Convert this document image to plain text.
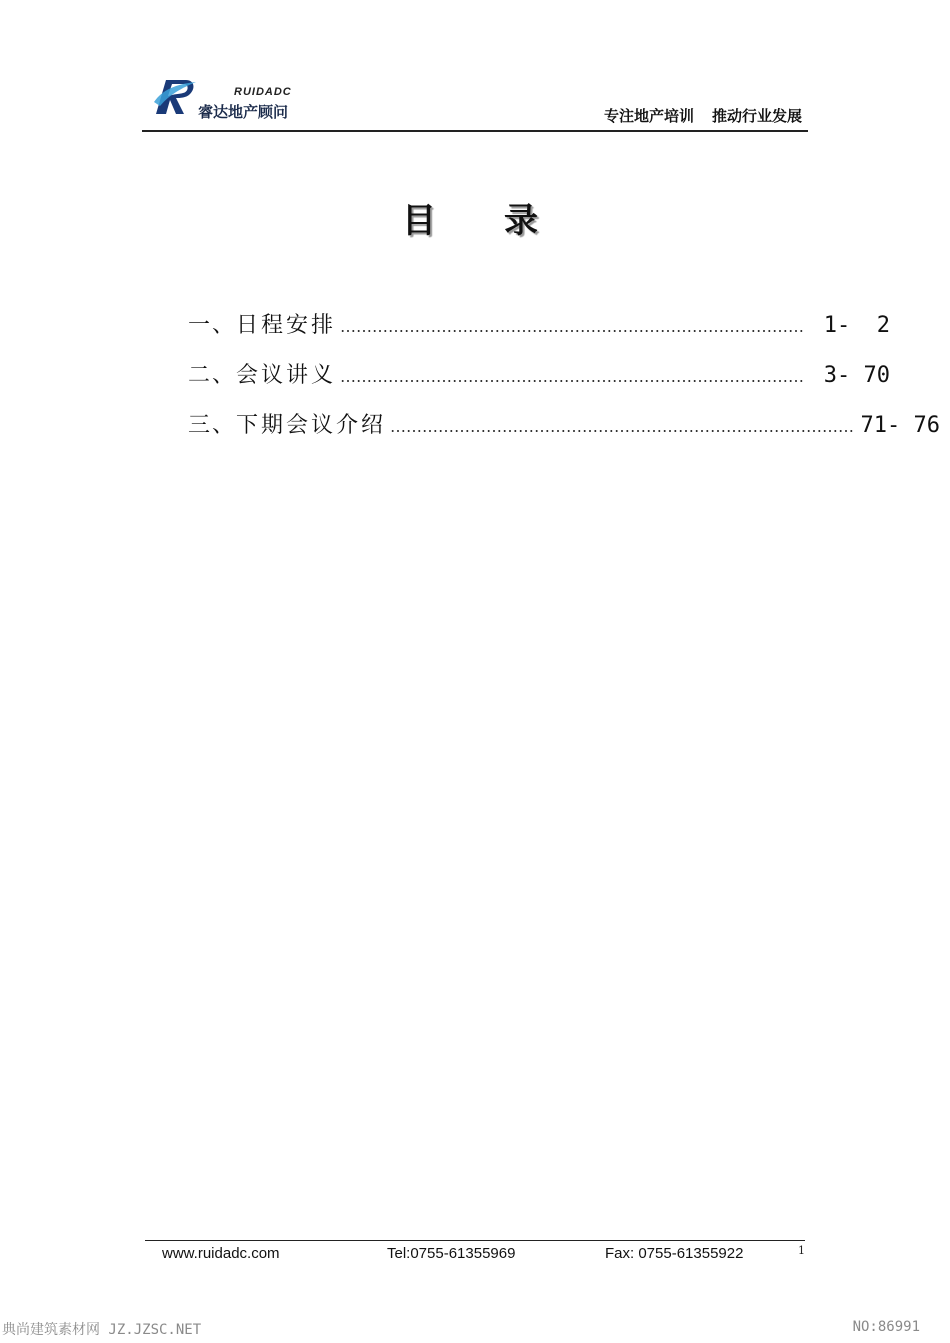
RUIDADC
睿达地产顾问	专注地产培训 推动行业发展
目录
一、 日程安排 …………………………………………………………………………… 1-  2
二、 会议讲义 …………………………………………………………………………… 3- 70
三、 下期会议介绍 …………………………………………………………………………… 71- 76
www.ruidadc.com	Tel:0755-61355969	Fax: 0755-61355922	1
典尚建筑素材网 JZ.JZSC.NET	NO:86991
